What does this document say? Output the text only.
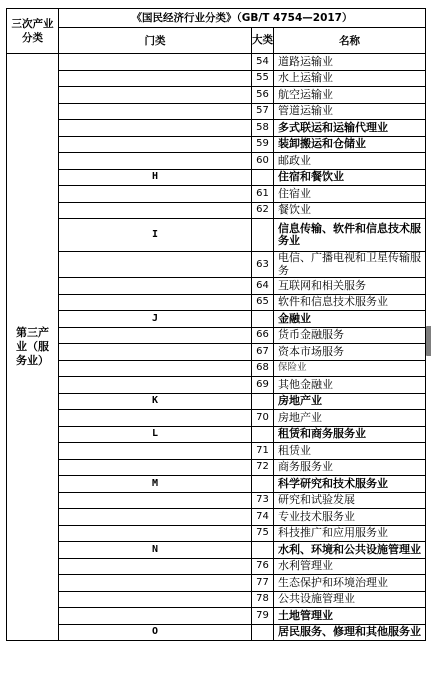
三次产业分类	《国民经济行业分类》（GB/T 4754—2017）		
	门类	大类	名称
第三产业（服务业）		54	道路运输业
		55	水上运输业
		56	航空运输业
		57	管道运输业
		58	多式联运和运输代理业
		59	装卸搬运和仓储业
		60	邮政业
	H		住宿和餐饮业
		61	住宿业
		62	餐饮业
	I		信息传输、软件和信息技术服务业
		63	电信、广播电视和卫星传输服务
		64	互联网和相关服务
		65	软件和信息技术服务业
	J		金融业
		66	货币金融服务
		67	资本市场服务
		68	保险业
		69	其他金融业
	K		房地产业
		70	房地产业
	L		租赁和商务服务业
		71	租赁业
		72	商务服务业
	M		科学研究和技术服务业
		73	研究和试验发展
		74	专业技术服务业
		75	科技推广和应用服务业
	N		水利、环境和公共设施管理业
		76	水利管理业
		77	生态保护和环境治理业
		78	公共设施管理业
		79	土地管理业
	O		居民服务、修理和其他服务业
